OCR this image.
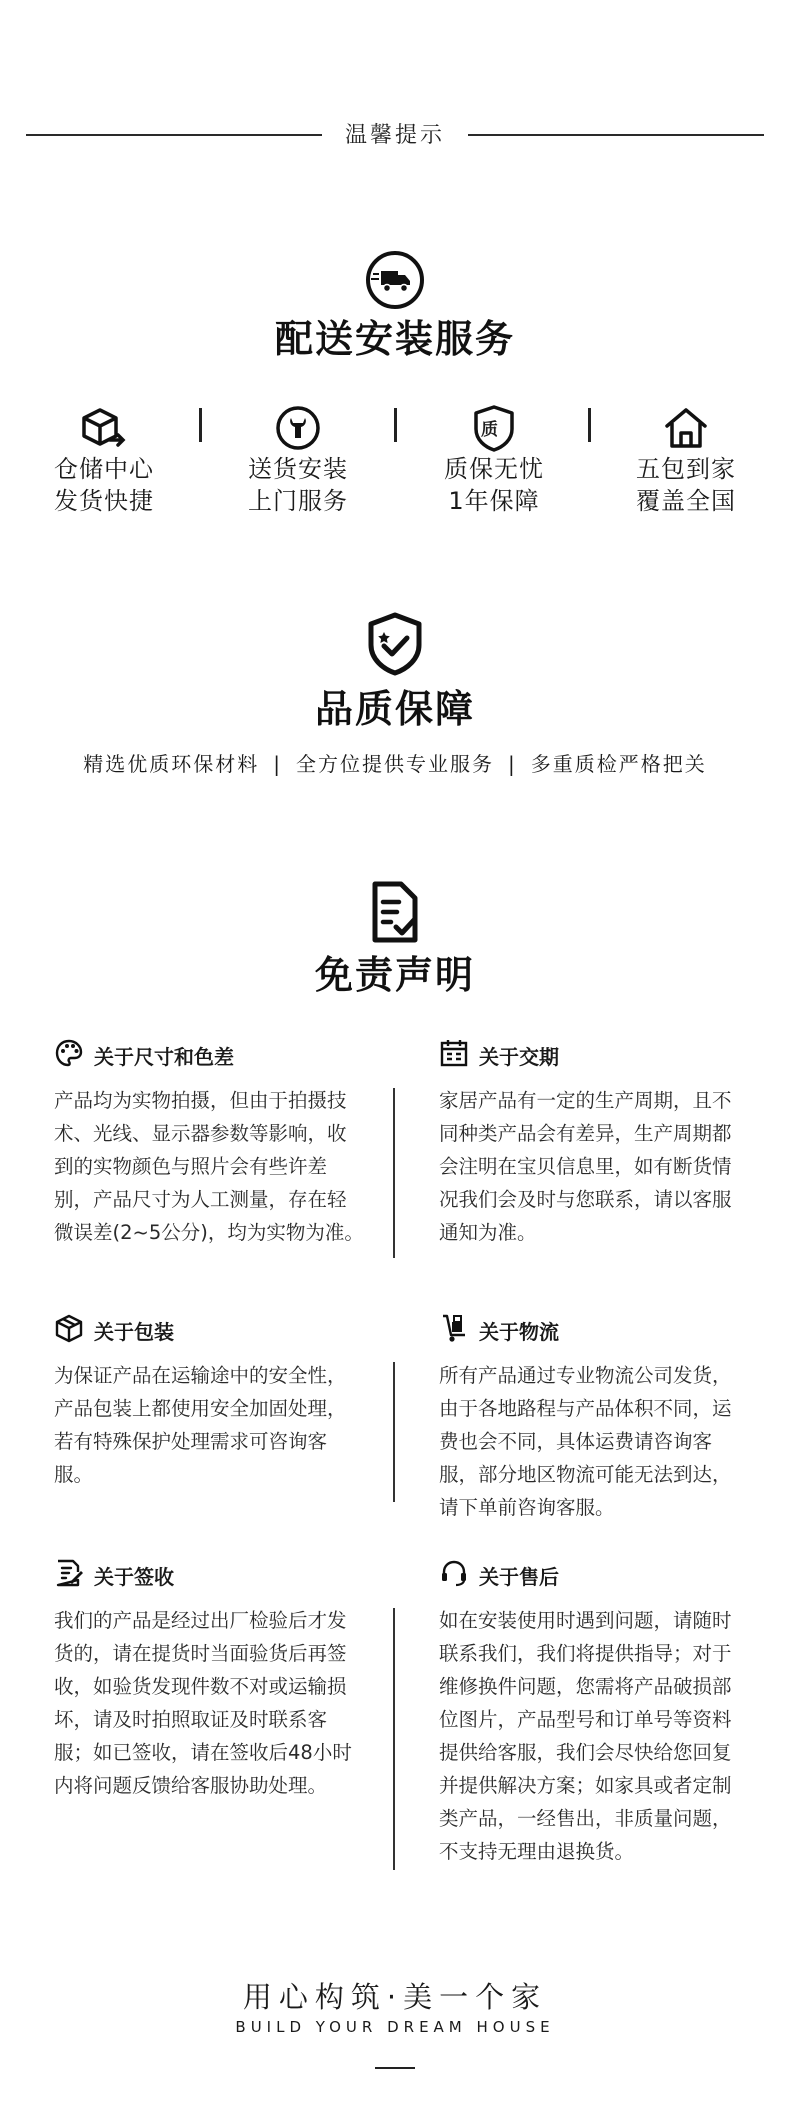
温馨提示
配送安装服务
仓储中心
发货快捷
送货安装
上门服务
质
质保无忧
1年保障
五包到家
覆盖全国
品质保障
精选优质环保材料 | 全方位提供专业服务 | 多重质检严格把关
免责声明
关于尺寸和色差
产品均为实物拍摄，但由于拍摄技术、光线、显示器参数等影响，收到的实物颜色与照片会有些许差别，产品尺寸为人工测量，存在轻微误差(2~5公分)，均为实物为准。
关于交期
家居产品有一定的生产周期，且不同种类产品会有差异，生产周期都会注明在宝贝信息里，如有断货情况我们会及时与您联系，请以客服通知为准。
关于包装
为保证产品在运输途中的安全性，产品包装上都使用安全加固处理，若有特殊保护处理需求可咨询客服。
关于物流
所有产品通过专业物流公司发货，由于各地路程与产品体积不同，运费也会不同，具体运费请咨询客服，部分地区物流可能无法到达，请下单前咨询客服。
关于签收
我们的产品是经过出厂检验后才发货的，请在提货时当面验货后再签收，如验货发现件数不对或运输损坏，请及时拍照取证及时联系客服；如已签收，请在签收后48小时内将问题反馈给客服协助处理。
关于售后
如在安装使用时遇到问题，请随时联系我们，我们将提供指导；对于维修换件问题，您需将产品破损部位图片，产品型号和订单号等资料提供给客服，我们会尽快给您回复并提供解决方案；如家具或者定制类产品，一经售出，非质量问题，不支持无理由退换货。
用心构筑·美一个家
BUILD YOUR DREAM HOUSE
